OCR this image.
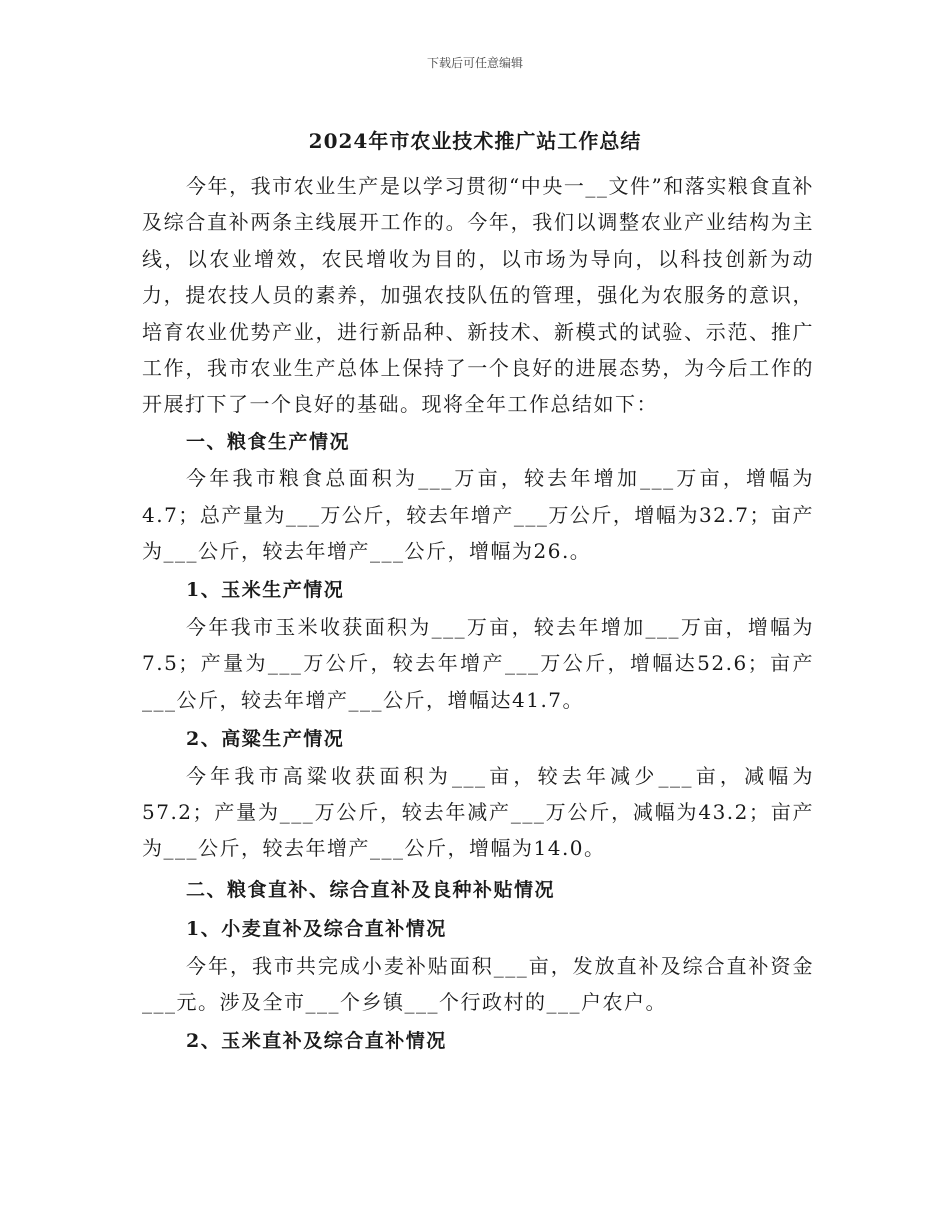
下载后可任意编辑
2024年市农业技术推广站工作总结

今年，我市农业生产是以学习贯彻“中央一__文件”和落实粮食直补及综合直补两条主线展开工作的。今年，我们以调整农业产业结构为主线，以农业增效，农民增收为目的，以市场为导向，以科技创新为动力，提农技人员的素养，加强农技队伍的管理，强化为农服务的意识，培育农业优势产业，进行新品种、新技术、新模式的试验、示范、推广工作，我市农业生产总体上保持了一个良好的进展态势，为今后工作的开展打下了一个良好的基础。现将全年工作总结如下：

一、粮食生产情况

今年我市粮食总面积为___万亩，较去年增加___万亩，增幅为4.7；总产量为___万公斤，较去年增产___万公斤，增幅为32.7；亩产为___公斤，较去年增产___公斤，增幅为26.。

1、玉米生产情况

今年我市玉米收获面积为___万亩，较去年增加___万亩，增幅为7.5；产量为___万公斤，较去年增产___万公斤，增幅达52.6；亩产___公斤，较去年增产___公斤，增幅达41.7。

2、高粱生产情况

今年我市高粱收获面积为___亩，较去年减少___亩，减幅为57.2；产量为___万公斤，较去年减产___万公斤，减幅为43.2；亩产为___公斤，较去年增产___公斤，增幅为14.0。

二、粮食直补、综合直补及良种补贴情况
1、小麦直补及综合直补情况

今年，我市共完成小麦补贴面积___亩，发放直补及综合直补资金___元。涉及全市___个乡镇___个行政村的___户农户。

2、玉米直补及综合直补情况
